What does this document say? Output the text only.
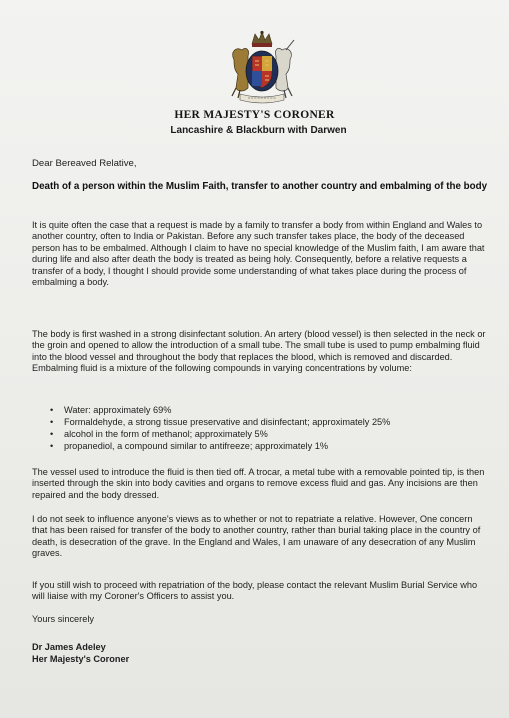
HER MAJESTY'S CORONER
Lancashire & Blackburn with Darwen
Dear Bereaved Relative,
Death of a person within the Muslim Faith, transfer to another country and embalming of the body
It is quite often the case that a request is made by a family to transfer a body from within England and Wales to another country, often to India or Pakistan. Before any such transfer takes place, the body of the deceased person has to be embalmed. Although I claim to have no special knowledge of the Muslim faith, I am aware that during life and also after death the body is treated as being holy. Consequently, before a relative requests a transfer of a body, I thought I should provide some understanding of what takes place during the process of embalming a body.
The body is first washed in a strong disinfectant solution. An artery (blood vessel) is then selected in the neck or the groin and opened to allow the introduction of a small tube. The small tube is used to pump embalming fluid into the blood vessel and throughout the body that replaces the blood, which is removed and discarded. Embalming fluid is a mixture of the following compounds in varying concentrations by volume:
• Water: approximately 69%
• Formaldehyde, a strong tissue preservative and disinfectant; approximately 25%
• alcohol in the form of methanol; approximately 5%
• propanediol, a compound similar to antifreeze; approximately 1%
The vessel used to introduce the fluid is then tied off. A trocar, a metal tube with a removable pointed tip, is then inserted through the skin into body cavities and organs to remove excess fluid and gas. Any incisions are then repaired and the body dressed.
I do not seek to influence anyone's views as to whether or not to repatriate a relative. However, One concern that has been raised for transfer of the body to another country, rather than burial taking place in the country of death, is desecration of the grave. In the England and Wales, I am unaware of any desecration of any Muslim graves.
If you still wish to proceed with repatriation of the body, please contact the relevant Muslim Burial Service who will liaise with my Coroner's Officers to assist you.
Yours sincerely
Dr James Adeley
Her Majesty's Coroner
